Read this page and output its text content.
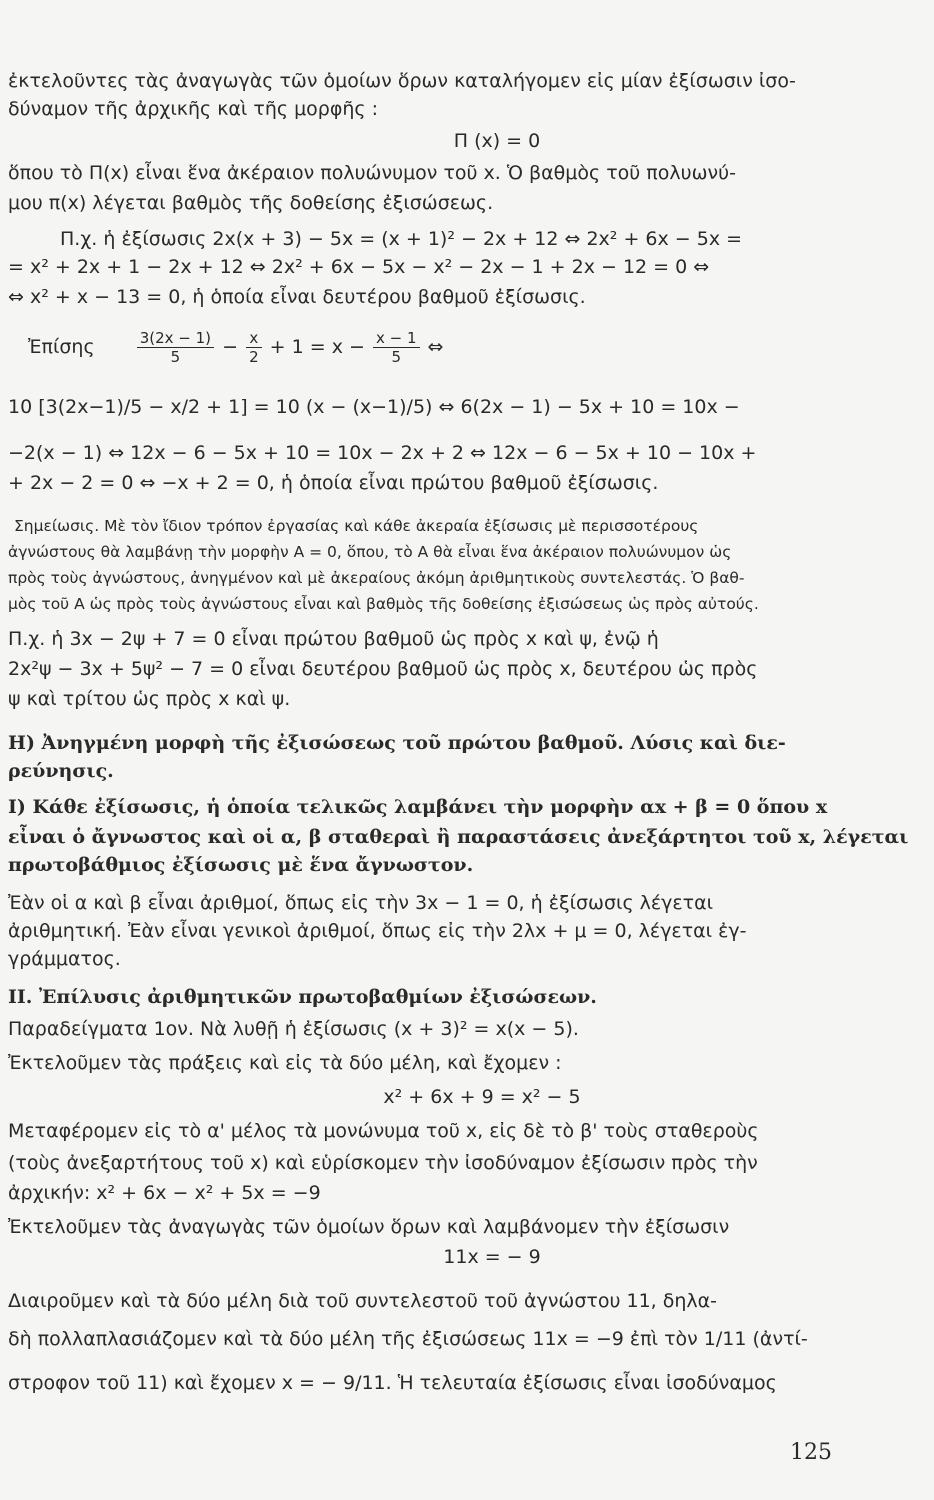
ἐκτελοῦντες τὰς ἀναγωγὰς τῶν ὁμοίων ὅρων καταλήγομεν εἰς μίαν ἐξίσωσιν ἰσο-
δύναμον τῆς ἀρχικῆς καὶ τῆς μορφῆς :
Π (x) = 0
ὅπου τὸ Π(x) εἶναι ἕνα ἀκέραιον πολυώνυμον τοῦ x. Ὁ βαθμὸς τοῦ πολυωνύ-
μου π(x) λέγεται βαθμὸς τῆς δοθείσης ἐξισώσεως.
Π.χ. ἡ ἐξίσωσις 2x(x + 3) − 5x = (x + 1)² − 2x + 12 ⇔ 2x² + 6x − 5x =
= x² + 2x + 1 − 2x + 12 ⇔ 2x² + 6x − 5x − x² − 2x − 1 + 2x − 12 = 0 ⇔
⇔ x² + x − 13 = 0, ἡ ὁποία εἶναι δευτέρου βαθμοῦ ἐξίσωσις.
Ἐπίσης	$\frac{3(2x - 1)}{5} - \frac{x}{2} + 1 = x - \frac{x - 1}{5}$ ⇔
10 [3(2x−1)/5 − x/2 + 1] = 10 (x − (x−1)/5) ⇔ 6(2x − 1) − 5x + 10 = 10x −
−2(x − 1) ⇔ 12x − 6 − 5x + 10 = 10x − 2x + 2 ⇔ 12x − 6 − 5x + 10 − 10x +
+ 2x − 2 = 0 ⇔ −x + 2 = 0, ἡ ὁποία εἶναι πρώτου βαθμοῦ ἐξίσωσις.
Σημείωσις. Μὲ τὸν ἴδιον τρόπον ἐργασίας καὶ κάθε ἀκεραία ἐξίσωσις μὲ περισσοτέρους
ἀγνώστους θὰ λαμβάνῃ τὴν μορφὴν Α = 0, ὅπου, τὸ Α θὰ εἶναι ἕνα ἀκέραιον πολυώνυμον ὡς
πρὸς τοὺς ἀγνώστους, ἀνηγμένον καὶ μὲ ἀκεραίους ἀκόμη ἀριθμητικοὺς συντελεστάς. Ὁ βαθ-
μὸς τοῦ Α ὡς πρὸς τοὺς ἀγνώστους εἶναι καὶ βαθμὸς τῆς δοθείσης ἐξισώσεως ὡς πρὸς αὐτούς.
Π.χ. ἡ 3x − 2ψ + 7 = 0 εἶναι πρώτου βαθμοῦ ὡς πρὸς x καὶ ψ, ἐνῷ ἡ
2x²ψ − 3x + 5ψ² − 7 = 0 εἶναι δευτέρου βαθμοῦ ὡς πρὸς x, δευτέρου ὡς πρὸς
ψ καὶ τρίτου ὡς πρὸς x καὶ ψ.
Η) Ἀνηγμένη μορφὴ τῆς ἐξισώσεως τοῦ πρώτου βαθμοῦ. Λύσις καὶ διε-
ρεύνησις.
Ι) Κάθε ἐξίσωσις, ἡ ὁποία τελικῶς λαμβάνει τὴν μορφὴν αx + β = 0 ὅπου x
εἶναι ὁ ἄγνωστος καὶ οἱ α, β σταθεραὶ ἢ παραστάσεις ἀνεξάρτητοι τοῦ x, λέγεται
πρωτοβάθμιος ἐξίσωσις μὲ ἕνα ἄγνωστον.
Ἐὰν οἱ α καὶ β εἶναι ἀριθμοί, ὅπως εἰς τὴν 3x − 1 = 0, ἡ ἐξίσωσις λέγεται
ἀριθμητική. Ἐὰν εἶναι γενικοὶ ἀριθμοί, ὅπως εἰς τὴν 2λx + μ = 0, λέγεται ἐγ-
γράμματος.
ΙΙ. Ἐπίλυσις ἀριθμητικῶν πρωτοβαθμίων ἐξισώσεων.
Παραδείγματα 1ον. Νὰ λυθῇ ἡ ἐξίσωσις (x + 3)² = x(x − 5).
Ἐκτελοῦμεν τὰς πράξεις καὶ εἰς τὰ δύο μέλη, καὶ ἔχομεν :
x² + 6x + 9 = x² − 5
Μεταφέρομεν εἰς τὸ α' μέλος τὰ μονώνυμα τοῦ x, εἰς δὲ τὸ β' τοὺς σταθεροὺς
(τοὺς ἀνεξαρτήτους τοῦ x) καὶ εὑρίσκομεν τὴν ἰσοδύναμον ἐξίσωσιν πρὸς τὴν
ἀρχικήν: x² + 6x − x² + 5x = −9
Ἐκτελοῦμεν τὰς ἀναγωγὰς τῶν ὁμοίων ὅρων καὶ λαμβάνομεν τὴν ἐξίσωσιν
11x = − 9
Διαιροῦμεν καὶ τὰ δύο μέλη διὰ τοῦ συντελεστοῦ τοῦ ἀγνώστου 11, δηλα-
δὴ πολλαπλασιάζομεν καὶ τὰ δύο μέλη τῆς ἐξισώσεως 11x = −9 ἐπὶ τὸν 1/11 (ἀντί-
στροφον τοῦ 11) καὶ ἔχομεν x = − 9/11. Ἡ τελευταία ἐξίσωσις εἶναι ἰσοδύναμος
125
